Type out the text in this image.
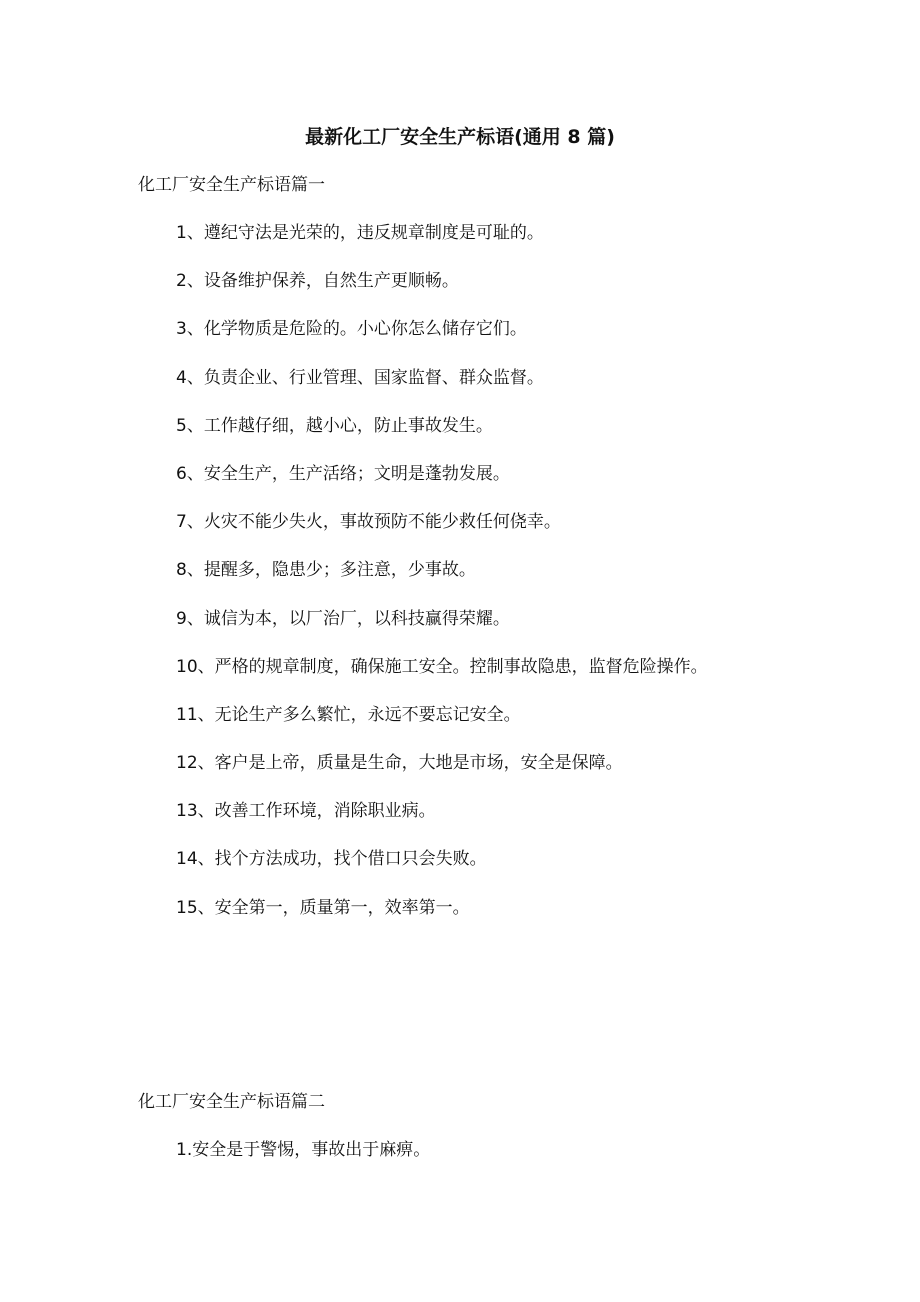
最新化工厂安全生产标语(通用 8 篇)
化工厂安全生产标语篇一
1、遵纪守法是光荣的，违反规章制度是可耻的。
2、设备维护保养，自然生产更顺畅。
3、化学物质是危险的。小心你怎么储存它们。
4、负责企业、行业管理、国家监督、群众监督。
5、工作越仔细，越小心，防止事故发生。
6、安全生产，生产活络；文明是蓬勃发展。
7、火灾不能少失火，事故预防不能少救任何侥幸。
8、提醒多，隐患少；多注意，少事故。
9、诚信为本，以厂治厂，以科技赢得荣耀。
10、严格的规章制度，确保施工安全。控制事故隐患，监督危险操作。
11、无论生产多么繁忙，永远不要忘记安全。
12、客户是上帝，质量是生命，大地是市场，安全是保障。
13、改善工作环境，消除职业病。
14、找个方法成功，找个借口只会失败。
15、安全第一，质量第一，效率第一。
化工厂安全生产标语篇二
1.安全是于警惕，事故出于麻痹。
